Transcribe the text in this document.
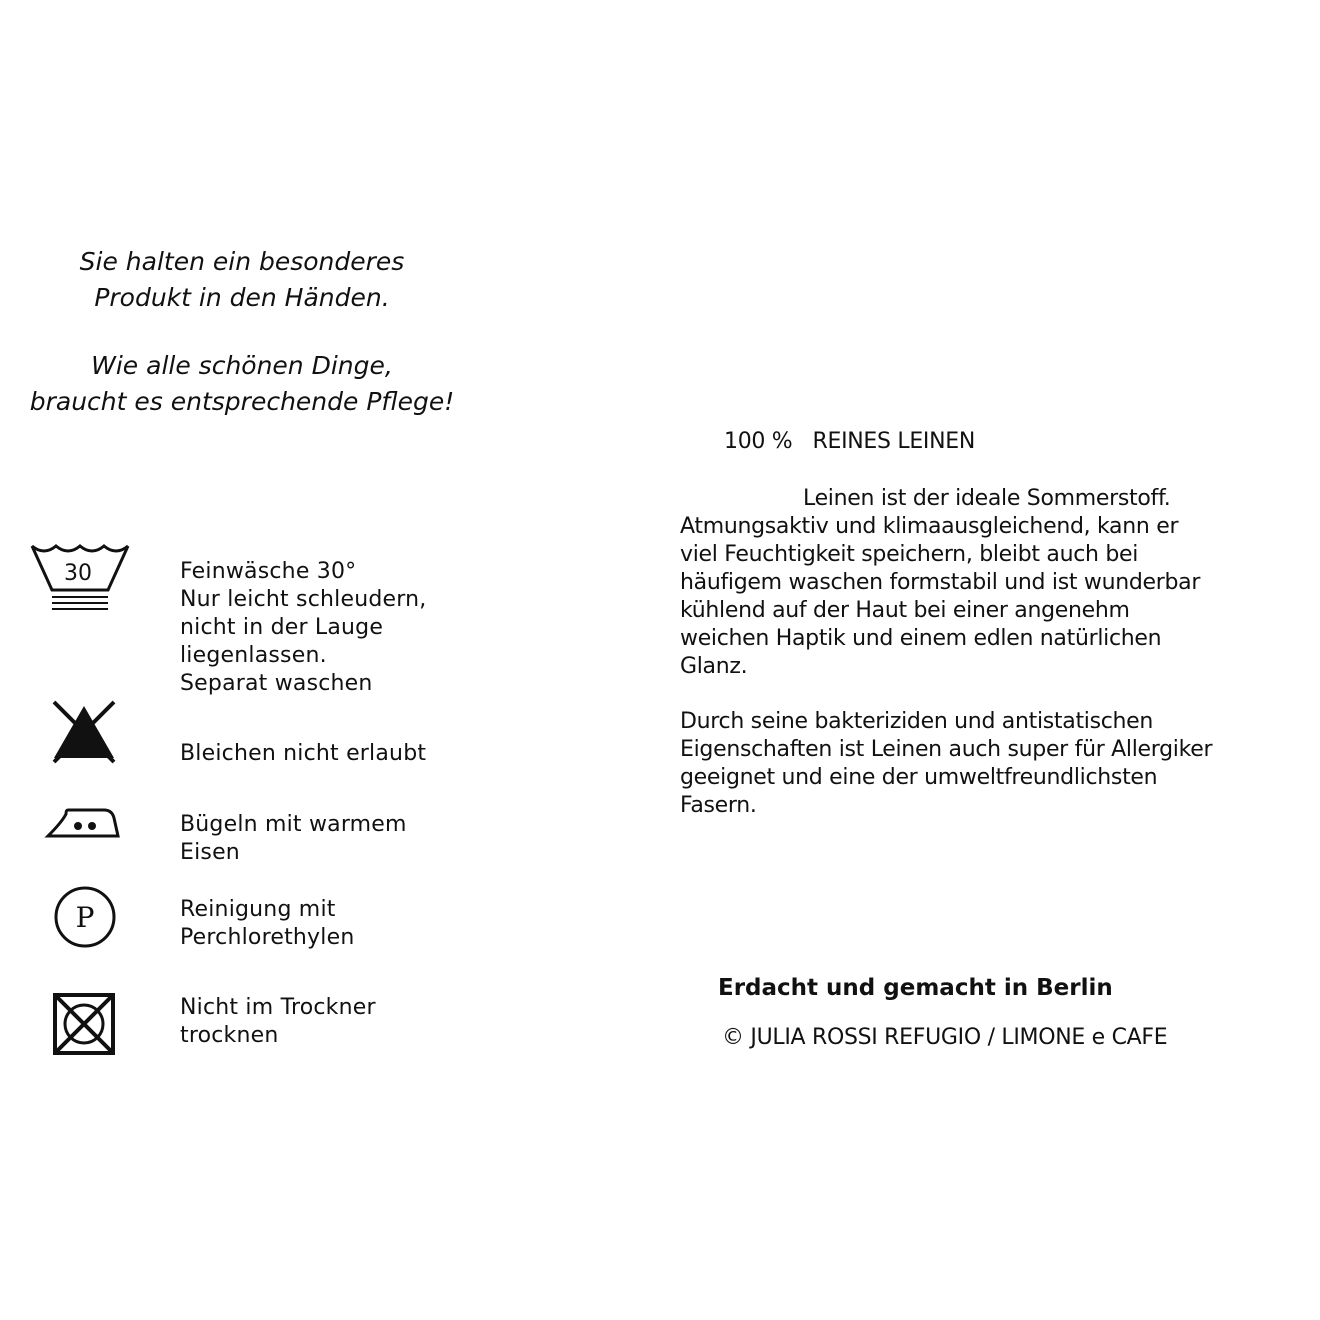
Sie halten ein besonderes
Produkt in den Händen.
Wie alle schönen Dinge,
braucht es entsprechende Pflege!
30	Feinwäsche 30°
Nur leicht schleudern,
nicht in der Lauge
liegenlassen.
Separat waschen
Bleichen nicht erlaubt
Bügeln mit warmem
Eisen
P	Reinigung mit
Perchlorethylen
Nicht im Trockner
trocknen
100 % REINES LEINEN
Leinen ist der ideale Sommerstoff.
Atmungsaktiv und klimaausgleichend, kann er
viel Feuchtigkeit speichern, bleibt auch bei
häufigem waschen formstabil und ist wunderbar
kühlend auf der Haut bei einer angenehm
weichen Haptik und einem edlen natürlichen
Glanz.
Durch seine bakteriziden und antistatischen
Eigenschaften ist Leinen auch super für Allergiker
geeignet und eine der umweltfreundlichsten
Fasern.
Erdacht und gemacht in Berlin
© JULIA ROSSI REFUGIO / LIMONE e CAFE
